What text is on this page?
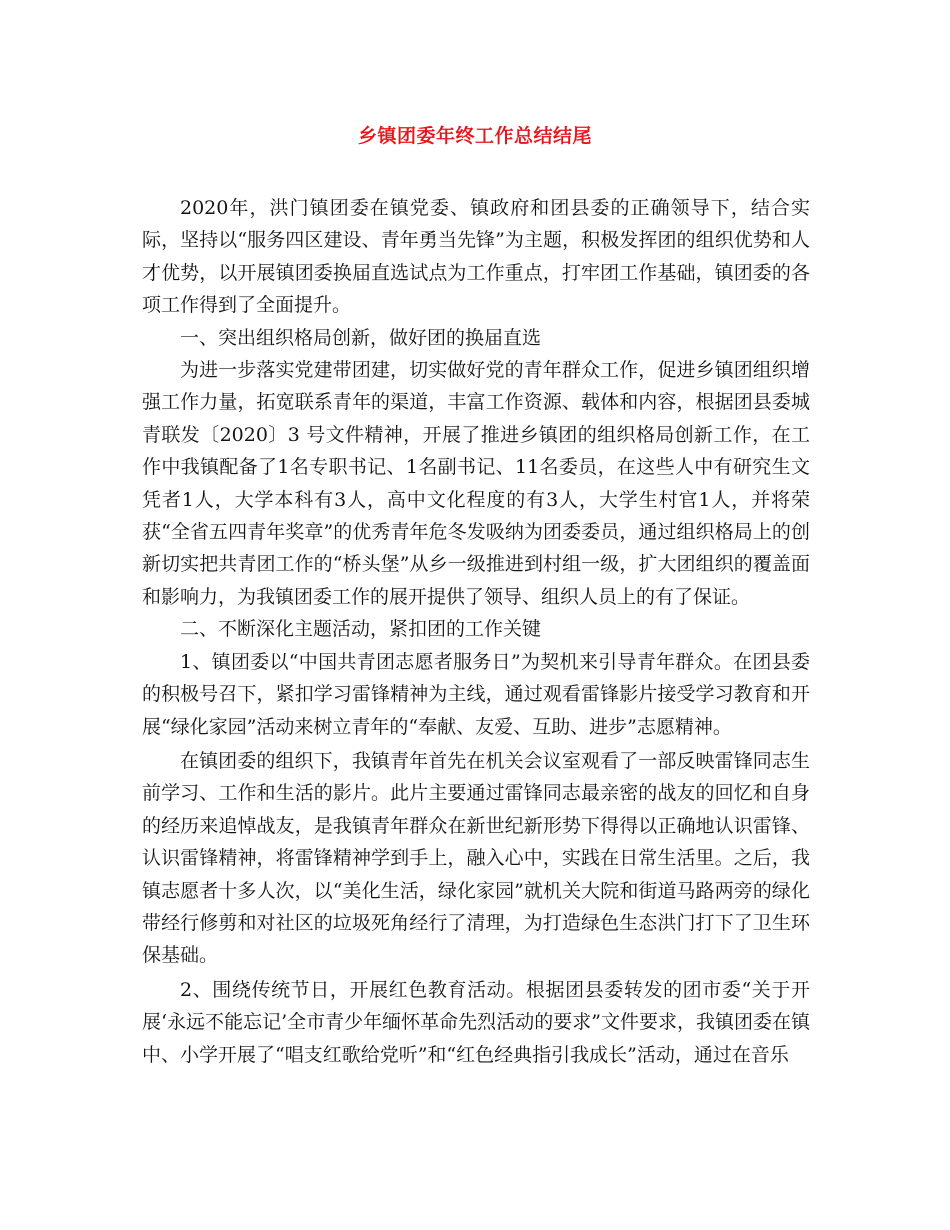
乡镇团委年终工作总结结尾

2020年，洪门镇团委在镇党委、镇政府和团县委的正确领导下，结合实际，坚持以“服务四区建设、青年勇当先锋”为主题，积极发挥团的组织优势和人才优势，以开展镇团委换届直选试点为工作重点，打牢团工作基础，镇团委的各项工作得到了全面提升。

一、突出组织格局创新，做好团的换届直选

为进一步落实党建带团建，切实做好党的青年群众工作，促进乡镇团组织增强工作力量，拓宽联系青年的渠道，丰富工作资源、载体和内容，根据团县委城青联发〔2020〕3 号文件精神，开展了推进乡镇团的组织格局创新工作，在工作中我镇配备了1名专职书记、1名副书记、11名委员，在这些人中有研究生文凭者1人，大学本科有3人，高中文化程度的有3人，大学生村官1人，并将荣获“全省五四青年奖章”的优秀青年危冬发吸纳为团委委员，通过组织格局上的创新切实把共青团工作的“桥头堡”从乡一级推进到村组一级，扩大团组织的覆盖面和影响力，为我镇团委工作的展开提供了领导、组织人员上的有了保证。

二、不断深化主题活动，紧扣团的工作关键

1、镇团委以“中国共青团志愿者服务日”为契机来引导青年群众。在团县委的积极号召下，紧扣学习雷锋精神为主线，通过观看雷锋影片接受学习教育和开展“绿化家园”活动来树立青年的“奉献、友爱、互助、进步”志愿精神。

在镇团委的组织下，我镇青年首先在机关会议室观看了一部反映雷锋同志生前学习、工作和生活的影片。此片主要通过雷锋同志最亲密的战友的回忆和自身的经历来追悼战友，是我镇青年群众在新世纪新形势下得得以正确地认识雷锋、认识雷锋精神，将雷锋精神学到手上，融入心中，实践在日常生活里。之后，我镇志愿者十多人次，以“美化生活，绿化家园”就机关大院和街道马路两旁的绿化带经行修剪和对社区的垃圾死角经行了清理，为打造绿色生态洪门打下了卫生环保基础。

2、围绕传统节日，开展红色教育活动。根据团县委转发的团市委“关于开展‘永远不能忘记’全市青少年缅怀革命先烈活动的要求”文件要求，我镇团委在镇中、小学开展了“唱支红歌给党听”和“红色经典指引我成长”活动，通过在音乐
